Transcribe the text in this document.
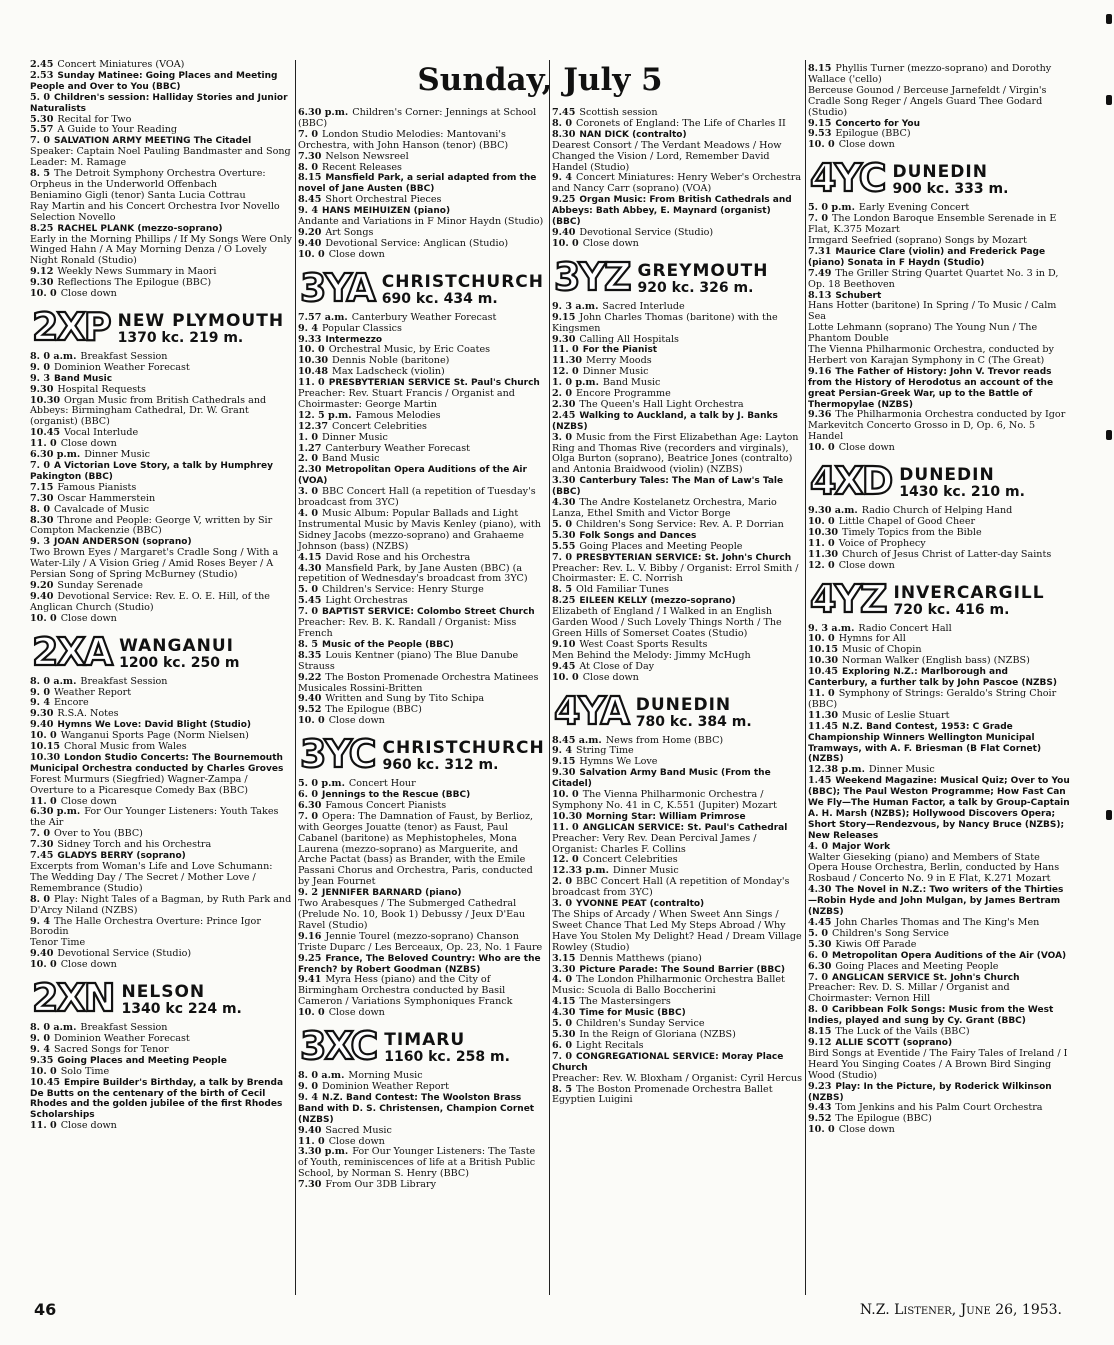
Sunday, July 5

2.45 Concert Miniatures (VOA)

2.53 Sunday Matinee: Going Places and Meeting People and Over to You (BBC)

5. 0 Children's session: Halliday Stories and Junior Naturalists

5.30 Recital for Two

5.57 A Guide to Your Reading

7. 0 SALVATION ARMY MEETING The Citadel

Speaker: Captain Noel Pauling Bandmaster and Song Leader: M. Ramage

8. 5 The Detroit Symphony Orchestra Overture: Orpheus in the Underworld Offenbach

Beniamino Gigli (tenor) Santa Lucia Cottrau

Ray Martin and his Concert Orchestra Ivor Novello Selection Novello

8.25 RACHEL PLANK (mezzo-soprano)

Early in the Morning Phillips / If My Songs Were Only Winged Hahn / A May Morning Denza / O Lovely Night Ronald (Studio)

9.12 Weekly News Summary in Maori

9.30 Reflections The Epilogue (BBC)

10. 0 Close down

2XP NEW PLYMOUTH
1370 kc. 219 m.

8. 0 a.m. Breakfast Session

9. 0 Dominion Weather Forecast

9. 3 Band Music

9.30 Hospital Requests

10.30 Organ Music from British Cathedrals and Abbeys: Birmingham Cathedral, Dr. W. Grant (organist) (BBC)

10.45 Vocal Interlude

11. 0 Close down

6.30 p.m. Dinner Music

7. 0 A Victorian Love Story, a talk by Humphrey Pakington (BBC)

7.15 Famous Pianists

7.30 Oscar Hammerstein

8. 0 Cavalcade of Music

8.30 Throne and People: George V, written by Sir Compton Mackenzie (BBC)

9. 3 JOAN ANDERSON (soprano)

Two Brown Eyes / Margaret's Cradle Song / With a Water-Lily / A Vision Grieg / Amid Roses Beyer / A Persian Song of Spring McBurney (Studio)

9.20 Sunday Serenade

9.40 Devotional Service: Rev. E. O. E. Hill, of the Anglican Church (Studio)

10. 0 Close down

2XA WANGANUI
1200 kc. 250 m

8. 0 a.m. Breakfast Session

9. 0 Weather Report

9. 4 Encore

9.30 R.S.A. Notes

9.40 Hymns We Love: David Blight (Studio)

10. 0 Wanganui Sports Page (Norm Nielsen)

10.15 Choral Music from Wales

10.30 London Studio Concerts: The Bournemouth Municipal Orchestra conducted by Charles Groves

Forest Murmurs (Siegfried) Wagner-Zampa / Overture to a Picaresque Comedy Bax (BBC)

11. 0 Close down

6.30 p.m. For Our Younger Listeners: Youth Takes the Air

7. 0 Over to You (BBC)

7.30 Sidney Torch and his Orchestra

7.45 GLADYS BERRY (soprano)

Excerpts from Woman's Life and Love Schumann: The Wedding Day / The Secret / Mother Love / Remembrance (Studio)

8. 0 Play: Night Tales of a Bagman, by Ruth Park and D'Arcy Niland (NZBS)

9. 4 The Halle Orchestra Overture: Prince Igor Borodin

Tenor Time

9.40 Devotional Service (Studio)

10. 0 Close down

2XN NELSON
1340 kc 224 m.

8. 0 a.m. Breakfast Session

9. 0 Dominion Weather Forecast

9. 4 Sacred Songs for Tenor

9.35 Going Places and Meeting People

10. 0 Solo Time

10.45 Empire Builder's Birthday, a talk by Brenda De Butts on the centenary of the birth of Cecil Rhodes and the golden jubilee of the first Rhodes Scholarships

11. 0 Close down

6.30 p.m. Children's Corner: Jennings at School (BBC)

7. 0 London Studio Melodies: Mantovani's Orchestra, with John Hanson (tenor) (BBC)

7.30 Nelson Newsreel

8. 0 Recent Releases

8.15 Mansfield Park, a serial adapted from the novel of Jane Austen (BBC)

8.45 Short Orchestral Pieces

9. 4 HANS MEIHUIZEN (piano)

Andante and Variations in F Minor Haydn (Studio)

9.20 Art Songs

9.40 Devotional Service: Anglican (Studio)

10. 0 Close down

3YA CHRISTCHURCH
690 kc. 434 m.

7.57 a.m. Canterbury Weather Forecast

9. 4 Popular Classics

9.33 Intermezzo

10. 0 Orchestral Music, by Eric Coates

10.30 Dennis Noble (baritone)

10.48 Max Ladscheck (violin)

11. 0 PRESBYTERIAN SERVICE St. Paul's Church

Preacher: Rev. Stuart Francis / Organist and Choirmaster: George Martin

12. 5 p.m. Famous Melodies

12.37 Concert Celebrities

1. 0 Dinner Music

1.27 Canterbury Weather Forecast

2. 0 Band Music

2.30 Metropolitan Opera Auditions of the Air (VOA)

3. 0 BBC Concert Hall (a repetition of Tuesday's broadcast from 3YC)

4. 0 Music Album: Popular Ballads and Light Instrumental Music by Mavis Kenley (piano), with Sidney Jacobs (mezzo-soprano) and Grahaeme Johnson (bass) (NZBS)

4.15 David Rose and his Orchestra

4.30 Mansfield Park, by Jane Austen (BBC) (a repetition of Wednesday's broadcast from 3YC)

5. 0 Children's Service: Henry Sturge

5.45 Light Orchestras

7. 0 BAPTIST SERVICE: Colombo Street Church

Preacher: Rev. B. K. Randall / Organist: Miss French

8. 5 Music of the People (BBC)

8.35 Louis Kentner (piano) The Blue Danube Strauss

9.22 The Boston Promenade Orchestra Matinees Musicales Rossini-Britten

9.40 Written and Sung by Tito Schipa

9.52 The Epilogue (BBC)

10. 0 Close down

3YC CHRISTCHURCH
960 kc. 312 m.

5. 0 p.m. Concert Hour

6. 0 Jennings to the Rescue (BBC)

6.30 Famous Concert Pianists

7. 0 Opera: The Damnation of Faust, by Berlioz, with Georges Jouatte (tenor) as Faust, Paul Cabanel (baritone) as Mephistopheles, Mona Laurena (mezzo-soprano) as Marguerite, and Arche Pactat (bass) as Brander, with the Emile Passani Chorus and Orchestra, Paris, conducted by Jean Fournet

9. 2 JENNIFER BARNARD (piano)

Two Arabesques / The Submerged Cathedral (Prelude No. 10, Book 1) Debussy / Jeux D'Eau Ravel (Studio)

9.16 Jennie Tourel (mezzo-soprano) Chanson Triste Duparc / Les Berceaux, Op. 23, No. 1 Faure

9.25 France, The Beloved Country: Who are the French? by Robert Goodman (NZBS)

9.41 Myra Hess (piano) and the City of Birmingham Orchestra conducted by Basil Cameron / Variations Symphoniques Franck

10. 0 Close down

3XC TIMARU
1160 kc. 258 m.

8. 0 a.m. Morning Music

9. 0 Dominion Weather Report

9. 4 N.Z. Band Contest: The Woolston Brass Band with D. S. Christensen, Champion Cornet (NZBS)

9.40 Sacred Music

11. 0 Close down

3.30 p.m. For Our Younger Listeners: The Taste of Youth, reminiscences of life at a British Public School, by Norman S. Henry (BBC)

7.30 From Our 3DB Library

7.45 Scottish session

8. 0 Coronets of England: The Life of Charles II

8.30 NAN DICK (contralto)

Dearest Consort / The Verdant Meadows / How Changed the Vision / Lord, Remember David Handel (Studio)

9. 4 Concert Miniatures: Henry Weber's Orchestra and Nancy Carr (soprano) (VOA)

9.25 Organ Music: From British Cathedrals and Abbeys: Bath Abbey, E. Maynard (organist) (BBC)

9.40 Devotional Service (Studio)

10. 0 Close down

3YZ GREYMOUTH
920 kc. 326 m.

9. 3 a.m. Sacred Interlude

9.15 John Charles Thomas (baritone) with the Kingsmen

9.30 Calling All Hospitals

11. 0 For the Pianist

11.30 Merry Moods

12. 0 Dinner Music

1. 0 p.m. Band Music

2. 0 Encore Programme

2.30 The Queen's Hall Light Orchestra

2.45 Walking to Auckland, a talk by J. Banks (NZBS)

3. 0 Music from the First Elizabethan Age: Layton Ring and Thomas Rive (recorders and virginals), Olga Burton (soprano), Beatrice Jones (contralto) and Antonia Braidwood (violin) (NZBS)

3.30 Canterbury Tales: The Man of Law's Tale (BBC)

4.30 The Andre Kostelanetz Orchestra, Mario Lanza, Ethel Smith and Victor Borge

5. 0 Children's Song Service: Rev. A. P. Dorrian

5.30 Folk Songs and Dances

5.55 Going Places and Meeting People

7. 0 PRESBYTERIAN SERVICE: St. John's Church

Preacher: Rev. L. V. Bibby / Organist: Errol Smith / Choirmaster: E. C. Norrish

8. 5 Old Familiar Tunes

8.25 EILEEN KELLY (mezzo-soprano)

Elizabeth of England / I Walked in an English Garden Wood / Such Lovely Things North / The Green Hills of Somerset Coates (Studio)

9.10 West Coast Sports Results

Men Behind the Melody: Jimmy McHugh

9.45 At Close of Day

10. 0 Close down

4YA DUNEDIN
780 kc. 384 m.

8.45 a.m. News from Home (BBC)

9. 4 String Time

9.15 Hymns We Love

9.30 Salvation Army Band Music (From the Citadel)

10. 0 The Vienna Philharmonic Orchestra / Symphony No. 41 in C, K.551 (Jupiter) Mozart

10.30 Morning Star: William Primrose

11. 0 ANGLICAN SERVICE: St. Paul's Cathedral

Preacher: Very Rev. Dean Percival James / Organist: Charles F. Collins

12. 0 Concert Celebrities

12.33 p.m. Dinner Music

2. 0 BBC Concert Hall (A repetition of Monday's broadcast from 3YC)

3. 0 YVONNE PEAT (contralto)

The Ships of Arcady / When Sweet Ann Sings / Sweet Chance That Led My Steps Abroad / Why Have You Stolen My Delight? Head / Dream Village Rowley (Studio)

3.15 Dennis Matthews (piano)

3.30 Picture Parade: The Sound Barrier (BBC)

4. 0 The London Philharmonic Orchestra Ballet Music: Scuola di Ballo Boccherini

4.15 The Mastersingers

4.30 Time for Music (BBC)

5. 0 Children's Sunday Service

5.30 In the Reign of Gloriana (NZBS)

6. 0 Light Recitals

7. 0 CONGREGATIONAL SERVICE: Moray Place Church

Preacher: Rev. W. Bloxham / Organist: Cyril Hercus

8. 5 The Boston Promenade Orchestra Ballet Egyptien Luigini

8.15 Phyllis Turner (mezzo-soprano) and Dorothy Wallace ('cello)

Berceuse Gounod / Berceuse Jarnefeldt / Virgin's Cradle Song Reger / Angels Guard Thee Godard (Studio)

9.15 Concerto for You

9.53 Epilogue (BBC)

10. 0 Close down

4YC DUNEDIN
900 kc. 333 m.

5. 0 p.m. Early Evening Concert

7. 0 The London Baroque Ensemble Serenade in E Flat, K.375 Mozart

Irmgard Seefried (soprano) Songs by Mozart

7.31 Maurice Clare (violin) and Frederick Page (piano) Sonata in F Haydn (Studio)

7.49 The Griller String Quartet Quartet No. 3 in D, Op. 18 Beethoven

8.13 Schubert

Hans Hotter (baritone) In Spring / To Music / Calm Sea

Lotte Lehmann (soprano) The Young Nun / The Phantom Double

The Vienna Philharmonic Orchestra, conducted by Herbert von Karajan Symphony in C (The Great)

9.16 The Father of History: John V. Trevor reads from the History of Herodotus an account of the great Persian-Greek War, up to the Battle of Thermopylae (NZBS)

9.36 The Philharmonia Orchestra conducted by Igor Markevitch Concerto Grosso in D, Op. 6, No. 5 Handel

10. 0 Close down

4XD DUNEDIN
1430 kc. 210 m.

9.30 a.m. Radio Church of Helping Hand

10. 0 Little Chapel of Good Cheer

10.30 Timely Topics from the Bible

11. 0 Voice of Prophecy

11.30 Church of Jesus Christ of Latter-day Saints

12. 0 Close down

4YZ INVERCARGILL
720 kc. 416 m.

9. 3 a.m. Radio Concert Hall

10. 0 Hymns for All

10.15 Music of Chopin

10.30 Norman Walker (English bass) (NZBS)

10.45 Exploring N.Z.: Marlborough and Canterbury, a further talk by John Pascoe (NZBS)

11. 0 Symphony of Strings: Geraldo's String Choir (BBC)

11.30 Music of Leslie Stuart

11.45 N.Z. Band Contest, 1953: C Grade Championship Winners Wellington Municipal Tramways, with A. F. Briesman (B Flat Cornet) (NZBS)

12.38 p.m. Dinner Music

1.45 Weekend Magazine: Musical Quiz; Over to You (BBC); The Paul Weston Programme; How Fast Can We Fly—The Human Factor, a talk by Group-Captain A. H. Marsh (NZBS); Hollywood Discovers Opera; Short Story—Rendezvous, by Nancy Bruce (NZBS); New Releases

4. 0 Major Work

Walter Gieseking (piano) and Members of State Opera House Orchestra, Berlin, conducted by Hans Rosbaud / Concerto No. 9 in E Flat, K.271 Mozart

4.30 The Novel in N.Z.: Two writers of the Thirties—Robin Hyde and John Mulgan, by James Bertram (NZBS)

4.45 John Charles Thomas and The King's Men

5. 0 Children's Song Service

5.30 Kiwis Off Parade

6. 0 Metropolitan Opera Auditions of the Air (VOA)

6.30 Going Places and Meeting People

7. 0 ANGLICAN SERVICE St. John's Church

Preacher: Rev. D. S. Millar / Organist and Choirmaster: Vernon Hill

8. 0 Caribbean Folk Songs: Music from the West Indies, played and sung by Cy. Grant (BBC)

8.15 The Luck of the Vails (BBC)

9.12 ALLIE SCOTT (soprano)

Bird Songs at Eventide / The Fairy Tales of Ireland / I Heard You Singing Coates / A Brown Bird Singing Wood (Studio)

9.23 Play: In the Picture, by Roderick Wilkinson (NZBS)

9.43 Tom Jenkins and his Palm Court Orchestra

9.52 The Epilogue (BBC)

10. 0 Close down

46	N.Z. Listener, June 26, 1953.
